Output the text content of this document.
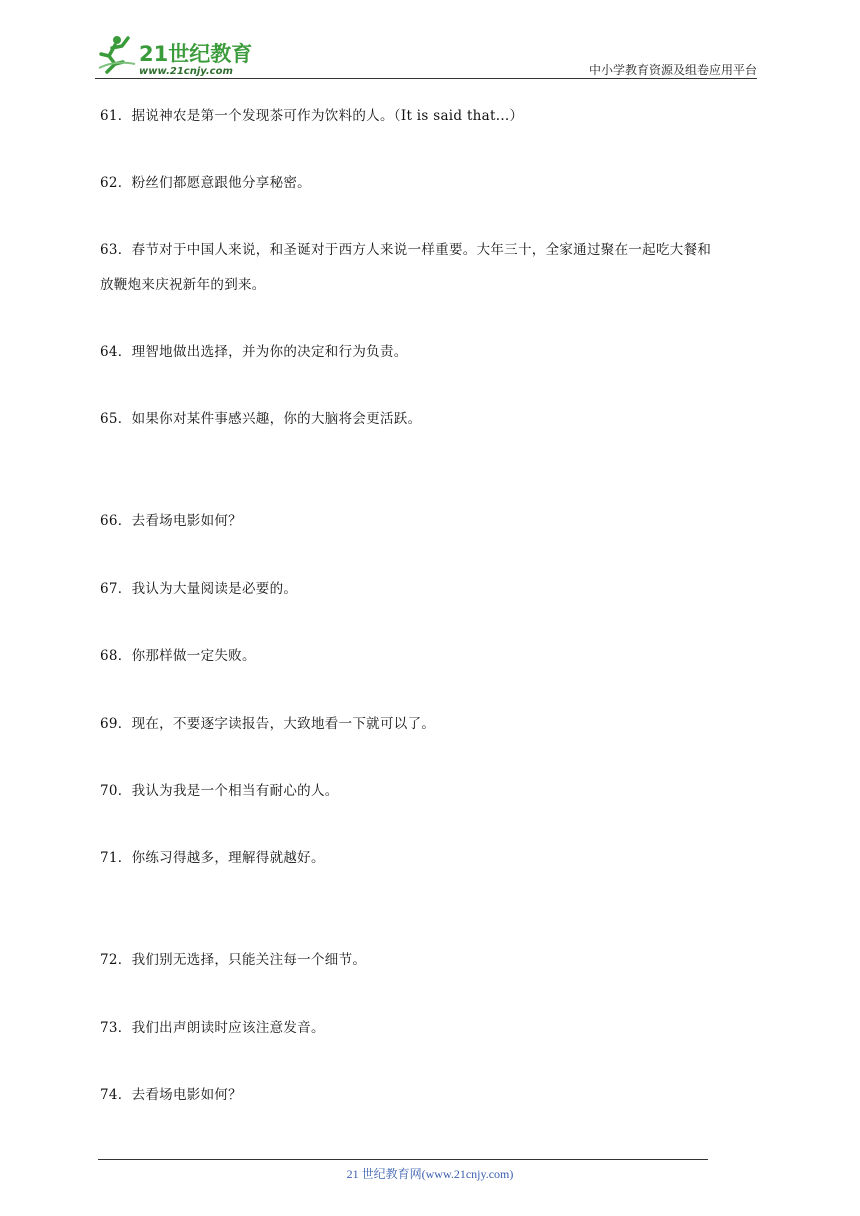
21世纪教育
www.21cnjy.com	中小学教育资源及组卷应用平台
61．据说神农是第一个发现茶可作为饮料的人。（It is said that...）
62．粉丝们都愿意跟他分享秘密。
63．春节对于中国人来说，和圣诞对于西方人来说一样重要。大年三十，全家通过聚在一起吃大餐和
放鞭炮来庆祝新年的到来。
64．理智地做出选择，并为你的决定和行为负责。
65．如果你对某件事感兴趣，你的大脑将会更活跃。
66．去看场电影如何？
67．我认为大量阅读是必要的。
68．你那样做一定失败。
69．现在，不要逐字读报告，大致地看一下就可以了。
70．我认为我是一个相当有耐心的人。
71．你练习得越多，理解得就越好。
72．我们别无选择，只能关注每一个细节。
73．我们出声朗读时应该注意发音。
74．去看场电影如何？
21 世纪教育网(www.21cnjy.com)
